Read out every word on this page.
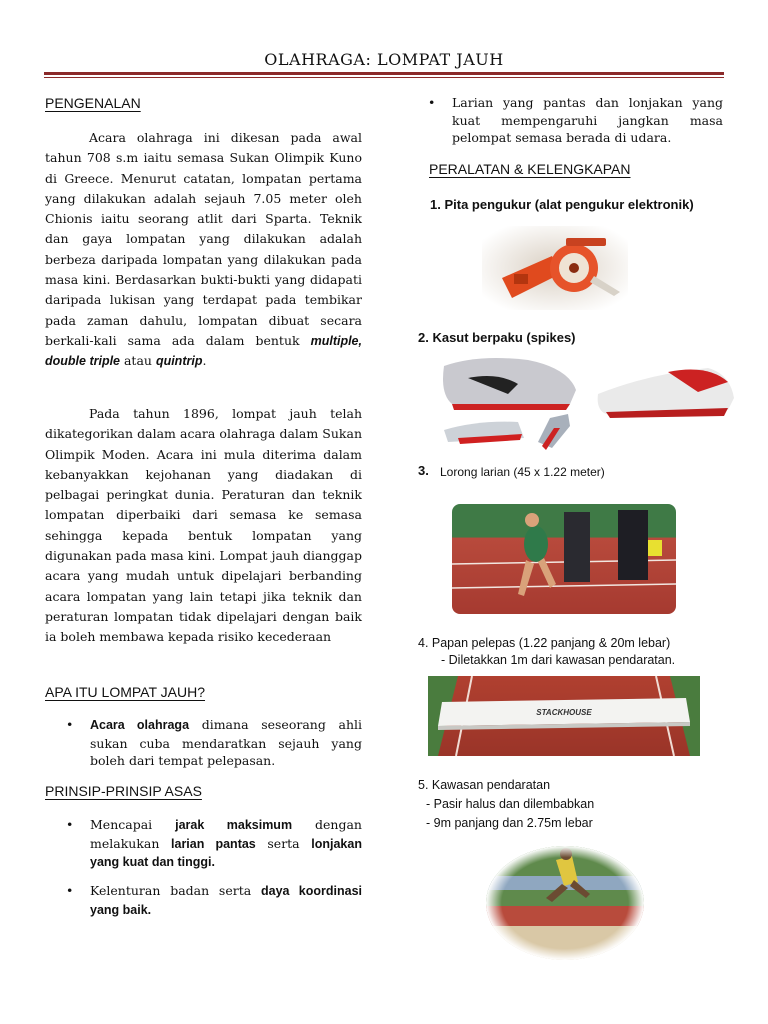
OLAHRAGA: LOMPAT JAUH
PENGENALAN
Acara olahraga ini dikesan pada awal tahun 708 s.m iaitu semasa Sukan Olimpik Kuno di Greece. Menurut catatan, lompatan pertama yang dilakukan adalah sejauh 7.05 meter oleh Chionis iaitu seorang atlit dari Sparta. Teknik dan gaya lompatan yang dilakukan adalah berbeza daripada lompatan yang dilakukan pada masa kini. Berdasarkan bukti-bukti yang didapati daripada lukisan yang terdapat pada tembikar pada zaman dahulu, lompatan dibuat secara berkali-kali sama ada dalam bentuk multiple, double triple atau quintrip.
Pada tahun 1896, lompat jauh telah dikategorikan dalam acara olahraga dalam Sukan Olimpik Moden. Acara ini mula diterima dalam kebanyakkan kejohanan yang diadakan di pelbagai peringkat dunia. Peraturan dan teknik lompatan diperbaiki dari semasa ke semasa sehingga kepada bentuk lompatan yang digunakan pada masa kini. Lompat jauh dianggap acara yang mudah untuk dipelajari berbanding acara lompatan yang lain tetapi jika teknik dan peraturan lompatan tidak dipelajari dengan baik ia boleh membawa kepada risiko kecederaan
APA ITU LOMPAT JAUH?
• Acara olahraga dimana seseorang ahli sukan cuba mendaratkan sejauh yang boleh dari tempat pelepasan.
PRINSIP-PRINSIP ASAS
• Mencapai jarak maksimum dengan melakukan larian pantas serta lonjakan yang kuat dan tinggi.
• Kelenturan badan serta daya koordinasi yang baik.
• Larian yang pantas dan lonjakan yang kuat mempengaruhi jangkan masa pelompat semasa berada di udara.
PERALATAN & KELENGKAPAN
1. Pita pengukur (alat pengukur elektronik)
2. Kasut berpaku (spikes)
3. Lorong larian (45 x 1.22 meter)
4. Papan pelepas (1.22 panjang & 20m lebar)
- Diletakkan 1m dari kawasan pendaratan.
STACKHOUSE
5. Kawasan pendaratan
- Pasir halus dan dilembabkan
- 9m panjang dan 2.75m lebar
